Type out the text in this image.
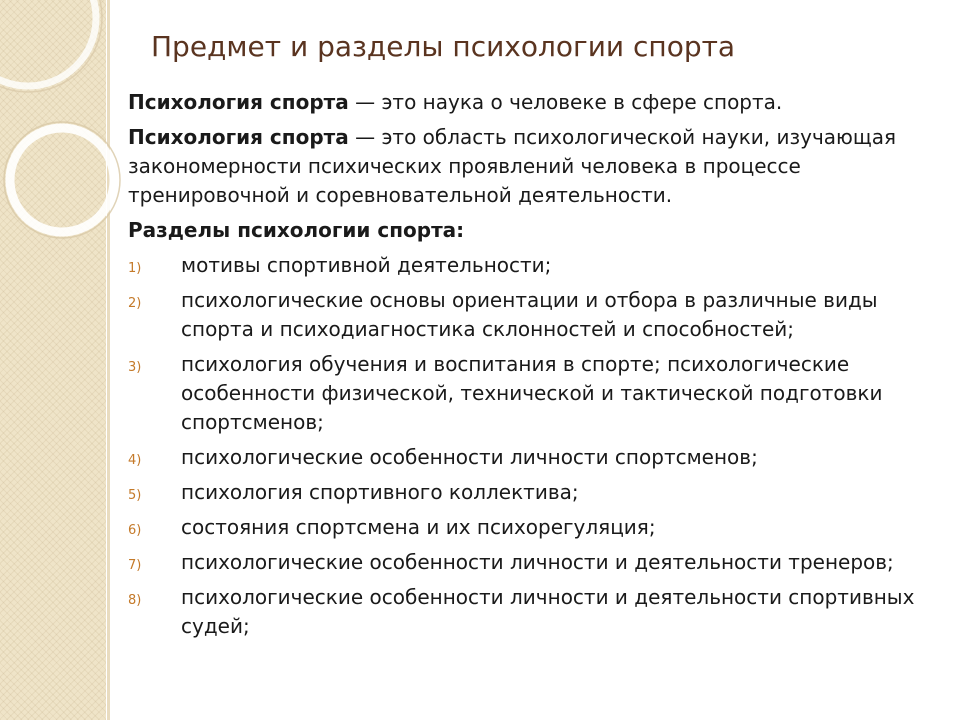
Предмет и разделы психологии спорта

Психология спорта — это наука о человеке в сфере спорта.

Психология спорта — это область психологической науки, изучающая закономерности психических проявлений человека в процессе тренировочной и соревновательной деятельности.

Разделы психологии спорта:

1) мотивы спортивной деятельности;
2) психологические основы ориентации и отбора в различные виды спорта и психодиагностика склонностей и способностей;
3) психология обучения и воспитания в спорте; психологические особенности физической, технической и тактической подготовки спортсменов;
4) психологические особенности личности спортсменов;
5) психология спортивного коллектива;
6) состояния спортсмена и их психорегуляция;
7) психологические особенности личности и деятельности тренеров;
8) психологические особенности личности и деятельности спортивных судей;
